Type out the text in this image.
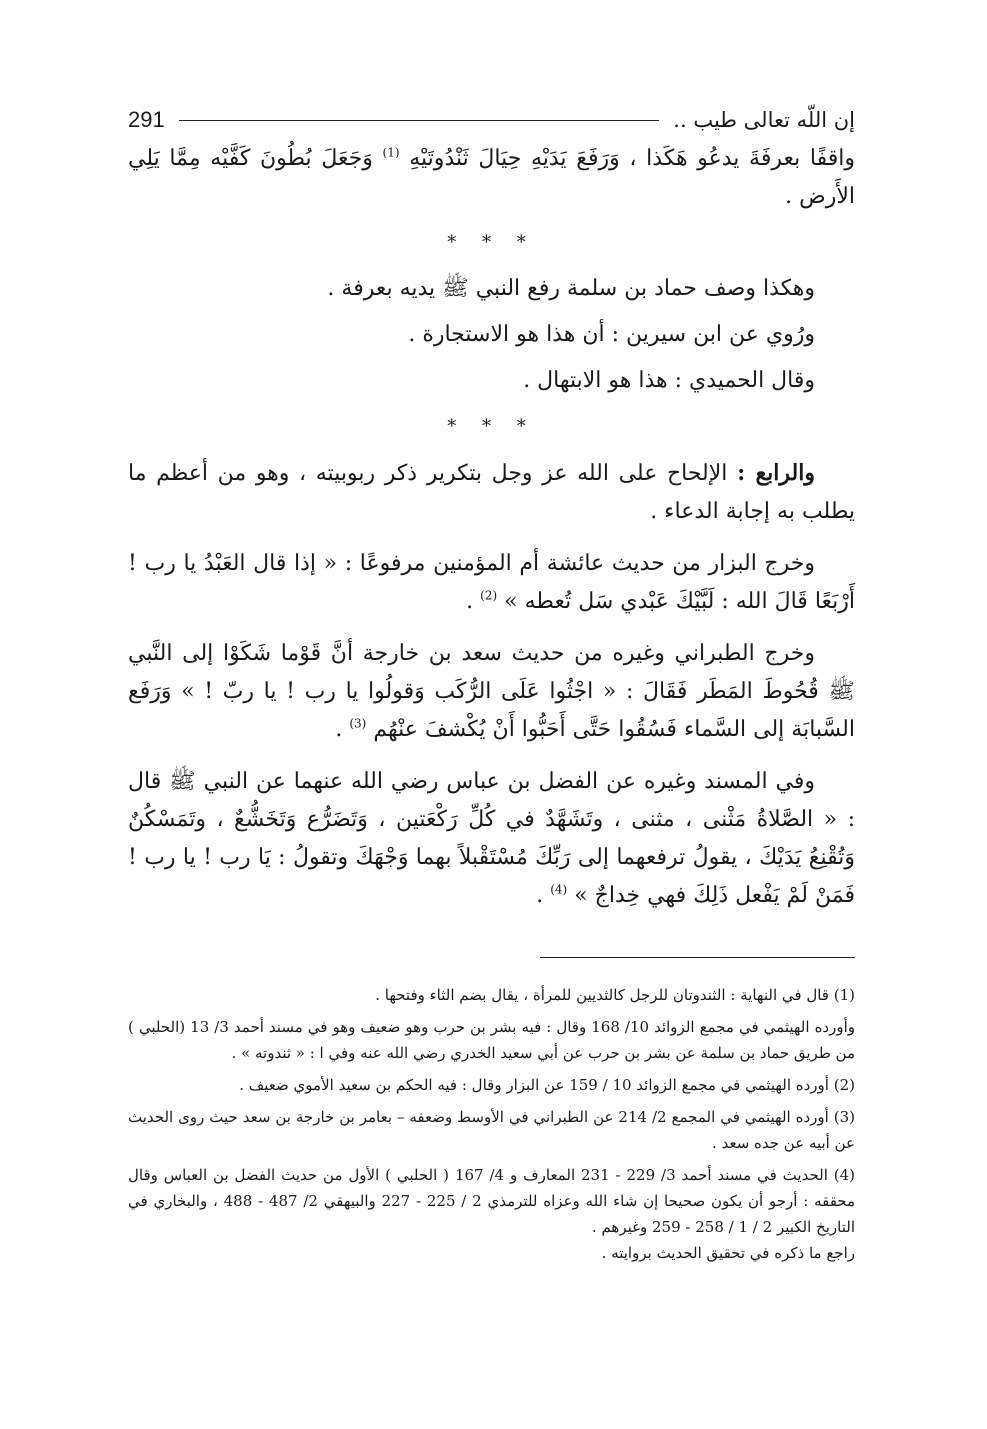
إن اللّه تعالى طيب ..
291

واقفًا بعرفَةَ يدعُو هَكَذا ، وَرَفَعَ يَدَيْهِ حِيَالَ ثَنْدُوتَيْهِ $^{(1)}$ وَجَعَلَ بُطُونَ كَفَّيْه مِمَّا يَلِي الأَرض .

* * *

وهكذا وصف حماد بن سلمة رفع النبي ﷺ يديه بعرفة .

ورُوي عن ابن سيرين : أن هذا هو الاستجارة .

وقال الحميدي : هذا هو الابتهال .

* * *

والرابع : الإلحاح على الله عز وجل بتكرير ذكر ربوبيته ، وهو من أعظم ما يطلب به إجابة الدعاء .

وخرج البزار من حديث عائشة أم المؤمنين مرفوعًا : « إذا قال العَبْدُ يا رب ! أَرْبَعًا قَالَ الله : لَبَّيْكَ عَبْدي سَل تُعطه » $^{(2)}$ .

وخرج الطبراني وغيره من حديث سعد بن خارجة أنَّ قَوْما شَكَوْا إلى النَّبي ﷺ قُحُوطَ المَطَر فَقَالَ : « اجْثُوا عَلَى الرُّكَب وَقولُوا يا رب ! يا ربّ ! » وَرَفَع السَّبابَة إلى السَّماء فَسُقُوا حَتَّى أَحَبُّوا أَنْ يُكْشفَ عنْهُم $^{(3)}$ .

وفي المسند وغيره عن الفضل بن عباس رضي الله عنهما عن النبي ﷺ قال : « الصَّلاةُ مَثْنى ، مثنى ، وتَشَهَّدٌ في كُلِّ رَكْعَتين ، وَتَضَرُّع وَتَخَشُّعٌ ، وتَمَسْكُنٌ وَتُقْنِعُ يَدَيْكَ ، يقولُ ترفعهما إلى رَبِّكَ مُسْتَقْبلاً بهما وَجْهَكَ وتقولُ : يَا رب ! يا رب ! فَمَنْ لَمْ يَفْعل ذَلِكَ فهي خِداجٌ » $^{(4)}$ .

(1) قال في النهاية : الثندوتان للرجل كالثديين للمرأة ، يقال بضم الثاء وفتحها .

وأورده الهيثمي في مجمع الزوائد 10/ 168 وقال : فيه بشر بن حرب وهو ضعيف وهو في مسند أحمد 3/ 13 (الحلبي ) من طريق حماد بن سلمة عن بشر بن حرب عن أبي سعيد الخدري رضي الله عنه وفي ا : « ثندوته » .

(2) أورده الهيثمي في مجمع الزوائد 10 / 159 عن البزار وقال : فيه الحكم بن سعيد الأموي ضعيف .

(3) أورده الهيثمي في المجمع 2/ 214 عن الطبراني في الأوسط وضعفه – بعامر بن خارجة بن سعد حيث روى الحديث عن أبيه عن جده سعد .

(4) الحديث في مسند أحمد 3/ 229 - 231 المعارف و 4/ 167 ( الحلبي ) الأول من حديث الفضل بن العباس وقال محققه : أرجو أن يكون صحيحا إن شاء الله وعزاه للترمذي 2 / 225 - 227 والبيهقي 2/ 487 - 488 ، والبخاري في التاريخ الكبير 2 / 1 / 258 - 259 وغيرهم .

راجع ما ذكره في تحقيق الحديث بروايته .
